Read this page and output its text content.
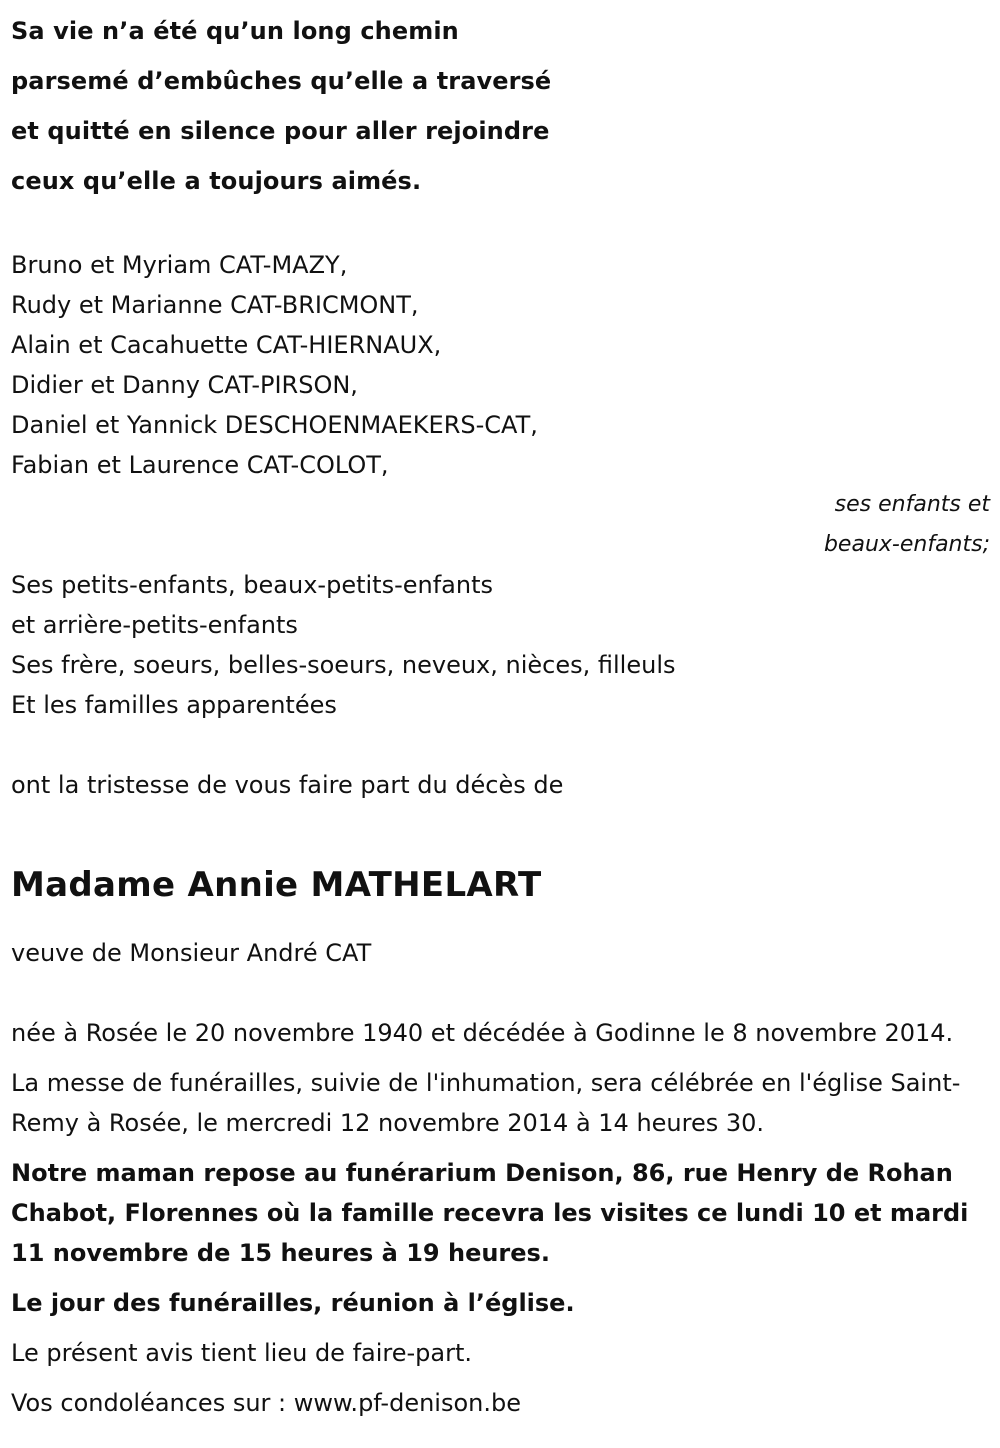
Sa vie n’a été qu’un long chemin
parsemé d’embûches qu’elle a traversé
et quitté en silence pour aller rejoindre
ceux qu’elle a toujours aimés.
Bruno et Myriam CAT-MAZY,
Rudy et Marianne CAT-BRICMONT,
Alain et Cacahuette CAT-HIERNAUX,
Didier et Danny CAT-PIRSON,
Daniel et Yannick DESCHOENMAEKERS-CAT,
Fabian et Laurence CAT-COLOT,
ses enfants et
beaux-enfants;
Ses petits-enfants, beaux-petits-enfants
et arrière-petits-enfants
Ses frère, soeurs, belles-soeurs, neveux, nièces, filleuls
Et les familles apparentées
ont la tristesse de vous faire part du décès de
Madame Annie MATHELART
veuve de Monsieur André CAT

née à Rosée le 20 novembre 1940 et décédée à Godinne le 8 novembre 2014.

La messe de funérailles, suivie de l'inhumation, sera célébrée en l'église Saint-Remy à Rosée, le mercredi 12 novembre 2014 à 14 heures 30.

Notre maman repose au funérarium Denison, 86, rue Henry de Rohan Chabot, Florennes où la famille recevra les visites ce lundi 10 et mardi 11 novembre de 15 heures à 19 heures.

Le jour des funérailles, réunion à l’église.

Le présent avis tient lieu de faire-part.

Vos condoléances sur : www.pf-denison.be
